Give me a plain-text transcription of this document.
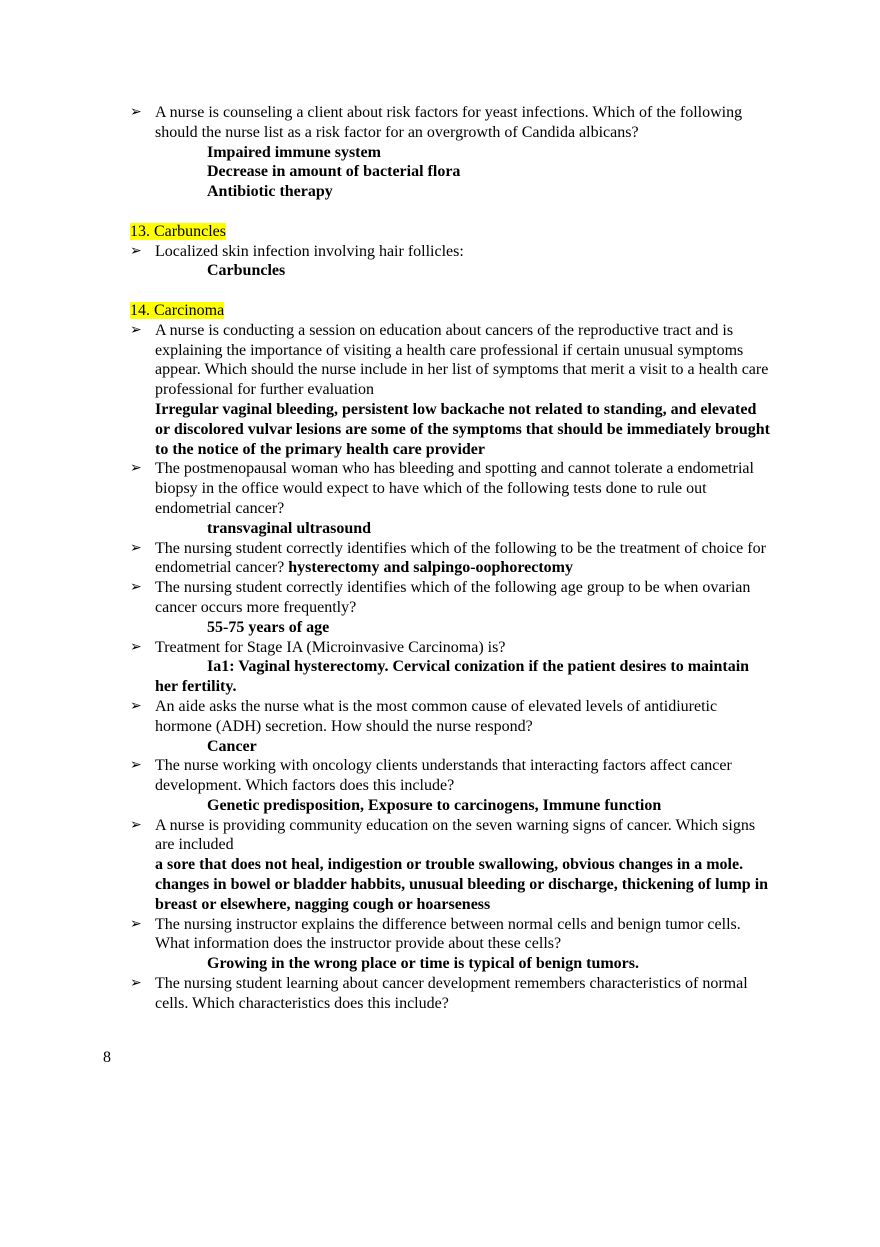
➢ A nurse is counseling a client about risk factors for yeast infections. Which of the following should the nurse list as a risk factor for an overgrowth of Candida albicans?
Impaired immune system
Decrease in amount of bacterial flora
Antibiotic therapy
13. Carbuncles
➢ Localized skin infection involving hair follicles:
Carbuncles
14. Carcinoma
➢ A nurse is conducting a session on education about cancers of the reproductive tract and is explaining the importance of visiting a health care professional if certain unusual symptoms appear. Which should the nurse include in her list of symptoms that merit a visit to a health care professional for further evaluation
Irregular vaginal bleeding, persistent low backache not related to standing, and elevated or discolored vulvar lesions are some of the symptoms that should be immediately brought to the notice of the primary health care provider
➢ The postmenopausal woman who has bleeding and spotting and cannot tolerate a endometrial biopsy in the office would expect to have which of the following tests done to rule out endometrial cancer?
transvaginal ultrasound
➢ The nursing student correctly identifies which of the following to be the treatment of choice for endometrial cancer? hysterectomy and salpingo-oophorectomy
➢ The nursing student correctly identifies which of the following age group to be when ovarian cancer occurs more frequently?
55-75 years of age
➢ Treatment for Stage IA (Microinvasive Carcinoma) is?
Ia1: Vaginal hysterectomy. Cervical conization if the patient desires to maintain her fertility.
➢ An aide asks the nurse what is the most common cause of elevated levels of antidiuretic hormone (ADH) secretion. How should the nurse respond?
Cancer
➢ The nurse working with oncology clients understands that interacting factors affect cancer development. Which factors does this include?
Genetic predisposition, Exposure to carcinogens, Immune function
➢ A nurse is providing community education on the seven warning signs of cancer. Which signs are included
a sore that does not heal, indigestion or trouble swallowing, obvious changes in a mole. changes in bowel or bladder habbits, unusual bleeding or discharge, thickening of lump in breast or elsewhere, nagging cough or hoarseness
➢ The nursing instructor explains the difference between normal cells and benign tumor cells. What information does the instructor provide about these cells?
Growing in the wrong place or time is typical of benign tumors.
➢ The nursing student learning about cancer development remembers characteristics of normal cells. Which characteristics does this include?
8
